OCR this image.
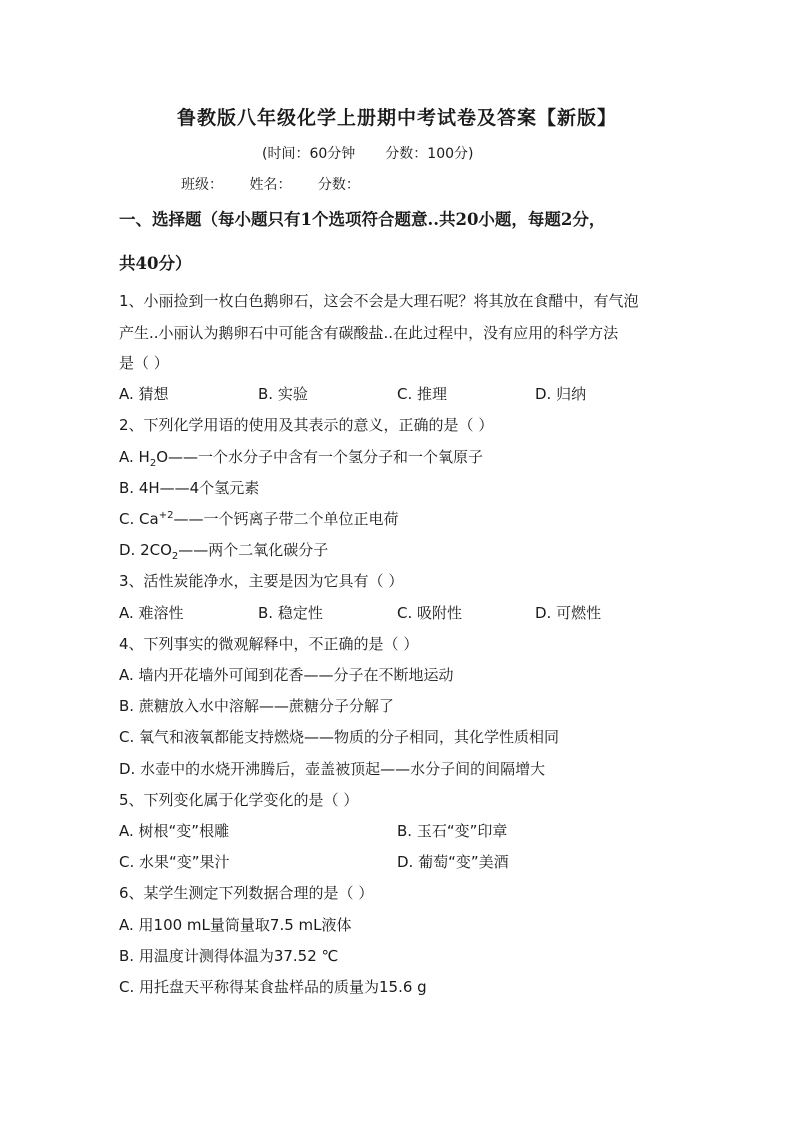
鲁教版八年级化学上册期中考试卷及答案【新版】
(时间：60分钟 分数：100分)
班级： 姓名： 分数：
一、选择题（每小题只有1个选项符合题意..共20小题，每题2分，
共40分）
1、小丽捡到一枚白色鹅卵石，这会不会是大理石呢？将其放在食醋中，有气泡
产生..小丽认为鹅卵石中可能含有碳酸盐..在此过程中，没有应用的科学方法
是（ ）
A. 猜想	B. 实验	C. 推理	D. 归纳
2、下列化学用语的使用及其表示的意义，正确的是（ ）
A. $H_2O——$一个水分子中含有一个氢分子和一个氧原子
B. 4H——4个氢元素
C. $Ca^{+2}——$一个钙离子带二个单位正电荷
D. $2CO_2——$两个二氧化碳分子
3、活性炭能净水，主要是因为它具有（ ）
A. 难溶性	B. 稳定性	C. 吸附性	D. 可燃性
4、下列事实的微观解释中，不正确的是（ ）
A. 墙内开花墙外可闻到花香——分子在不断地运动
B. 蔗糖放入水中溶解——蔗糖分子分解了
C. 氧气和液氧都能支持燃烧——物质的分子相同，其化学性质相同
D. 水壶中的水烧开沸腾后，壶盖被顶起——水分子间的间隔增大
5、下列变化属于化学变化的是（ ）
A. 树根“变”根雕	B. 玉石“变”印章
C. 水果“变”果汁	D. 葡萄“变”美酒
6、某学生测定下列数据合理的是（ ）
A. 用100 mL量筒量取7.5 mL液体
B. 用温度计测得体温为37.52 ℃
C. 用托盘天平称得某食盐样品的质量为15.6 g
